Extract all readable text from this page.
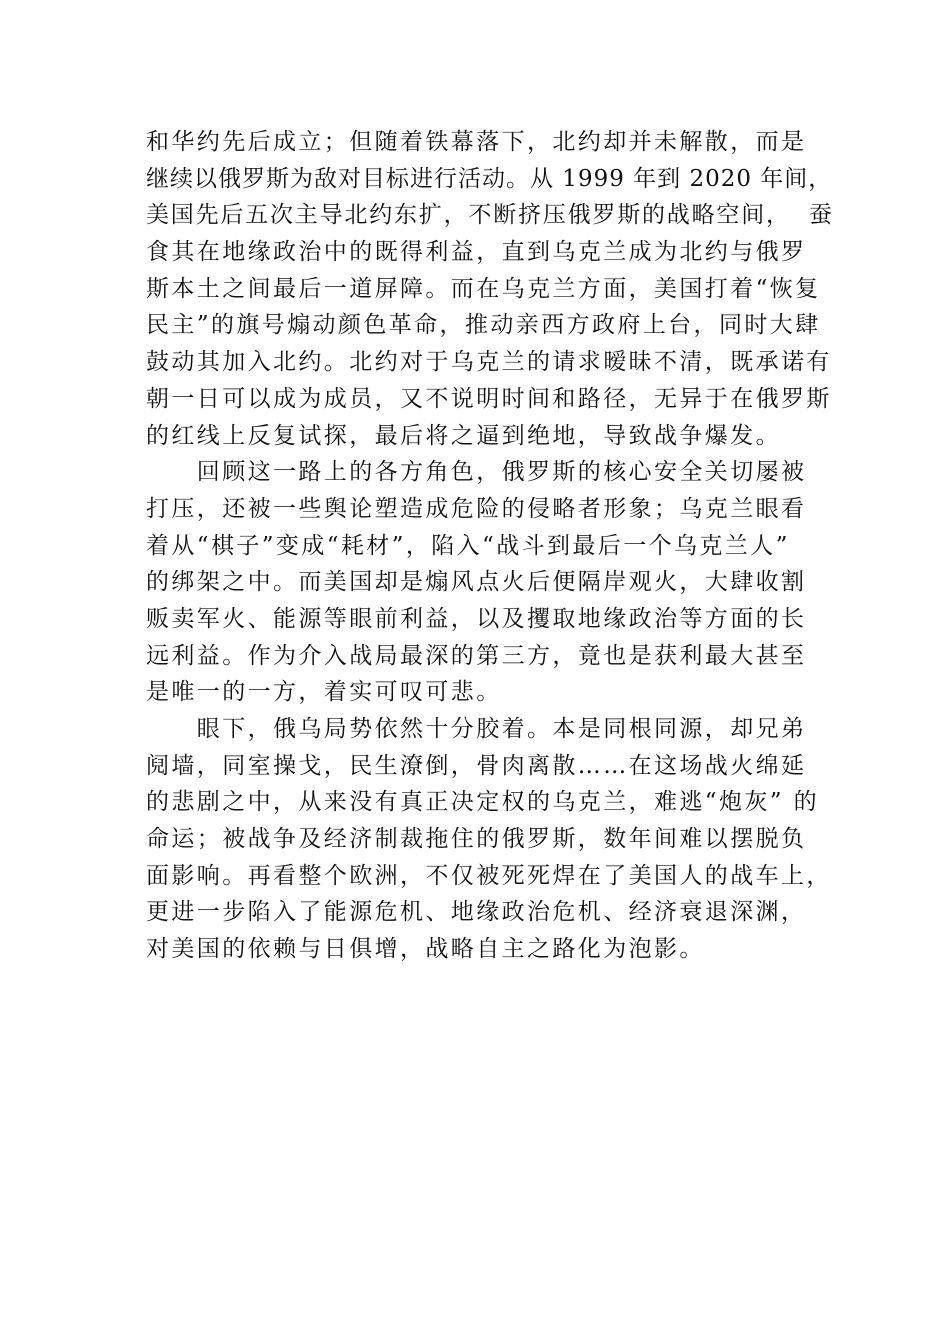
和华约先后成立；但随着铁幕落下，北约却并未解散，而是
继续以俄罗斯为敌对目标进行活动。从 1999 年到 2020 年间，
美国先后五次主导北约东扩，不断挤压俄罗斯的战略空间，  蚕
食其在地缘政治中的既得利益，直到乌克兰成为北约与俄罗
斯本土之间最后一道屏障。而在乌克兰方面，美国打着“恢复
民主”的旗号煽动颜色革命，推动亲西方政府上台，同时大肆
鼓动其加入北约。北约对于乌克兰的请求暧昧不清，既承诺有
朝一日可以成为成员，又不说明时间和路径，无异于在俄罗斯
的红线上反复试探，最后将之逼到绝地，导致战争爆发。
　　回顾这一路上的各方角色，俄罗斯的核心安全关切屡被
打压，还被一些舆论塑造成危险的侵略者形象；乌克兰眼看
着从“棋子”变成“耗材”，陷入“战斗到最后一个乌克兰人”
的绑架之中。而美国却是煽风点火后便隔岸观火，大肆收割
贩卖军火、能源等眼前利益，以及攫取地缘政治等方面的长
远利益。作为介入战局最深的第三方，竟也是获利最大甚至
是唯一的一方，着实可叹可悲。
　　眼下，俄乌局势依然十分胶着。本是同根同源，却兄弟
阋墙，同室操戈，民生潦倒，骨肉离散……在这场战火绵延
的悲剧之中，从来没有真正决定权的乌克兰，难逃“炮灰” 的
命运；被战争及经济制裁拖住的俄罗斯，数年间难以摆脱负
面影响。再看整个欧洲，不仅被死死焊在了美国人的战车上，
更进一步陷入了能源危机、地缘政治危机、经济衰退深渊，
对美国的依赖与日俱增，战略自主之路化为泡影。
